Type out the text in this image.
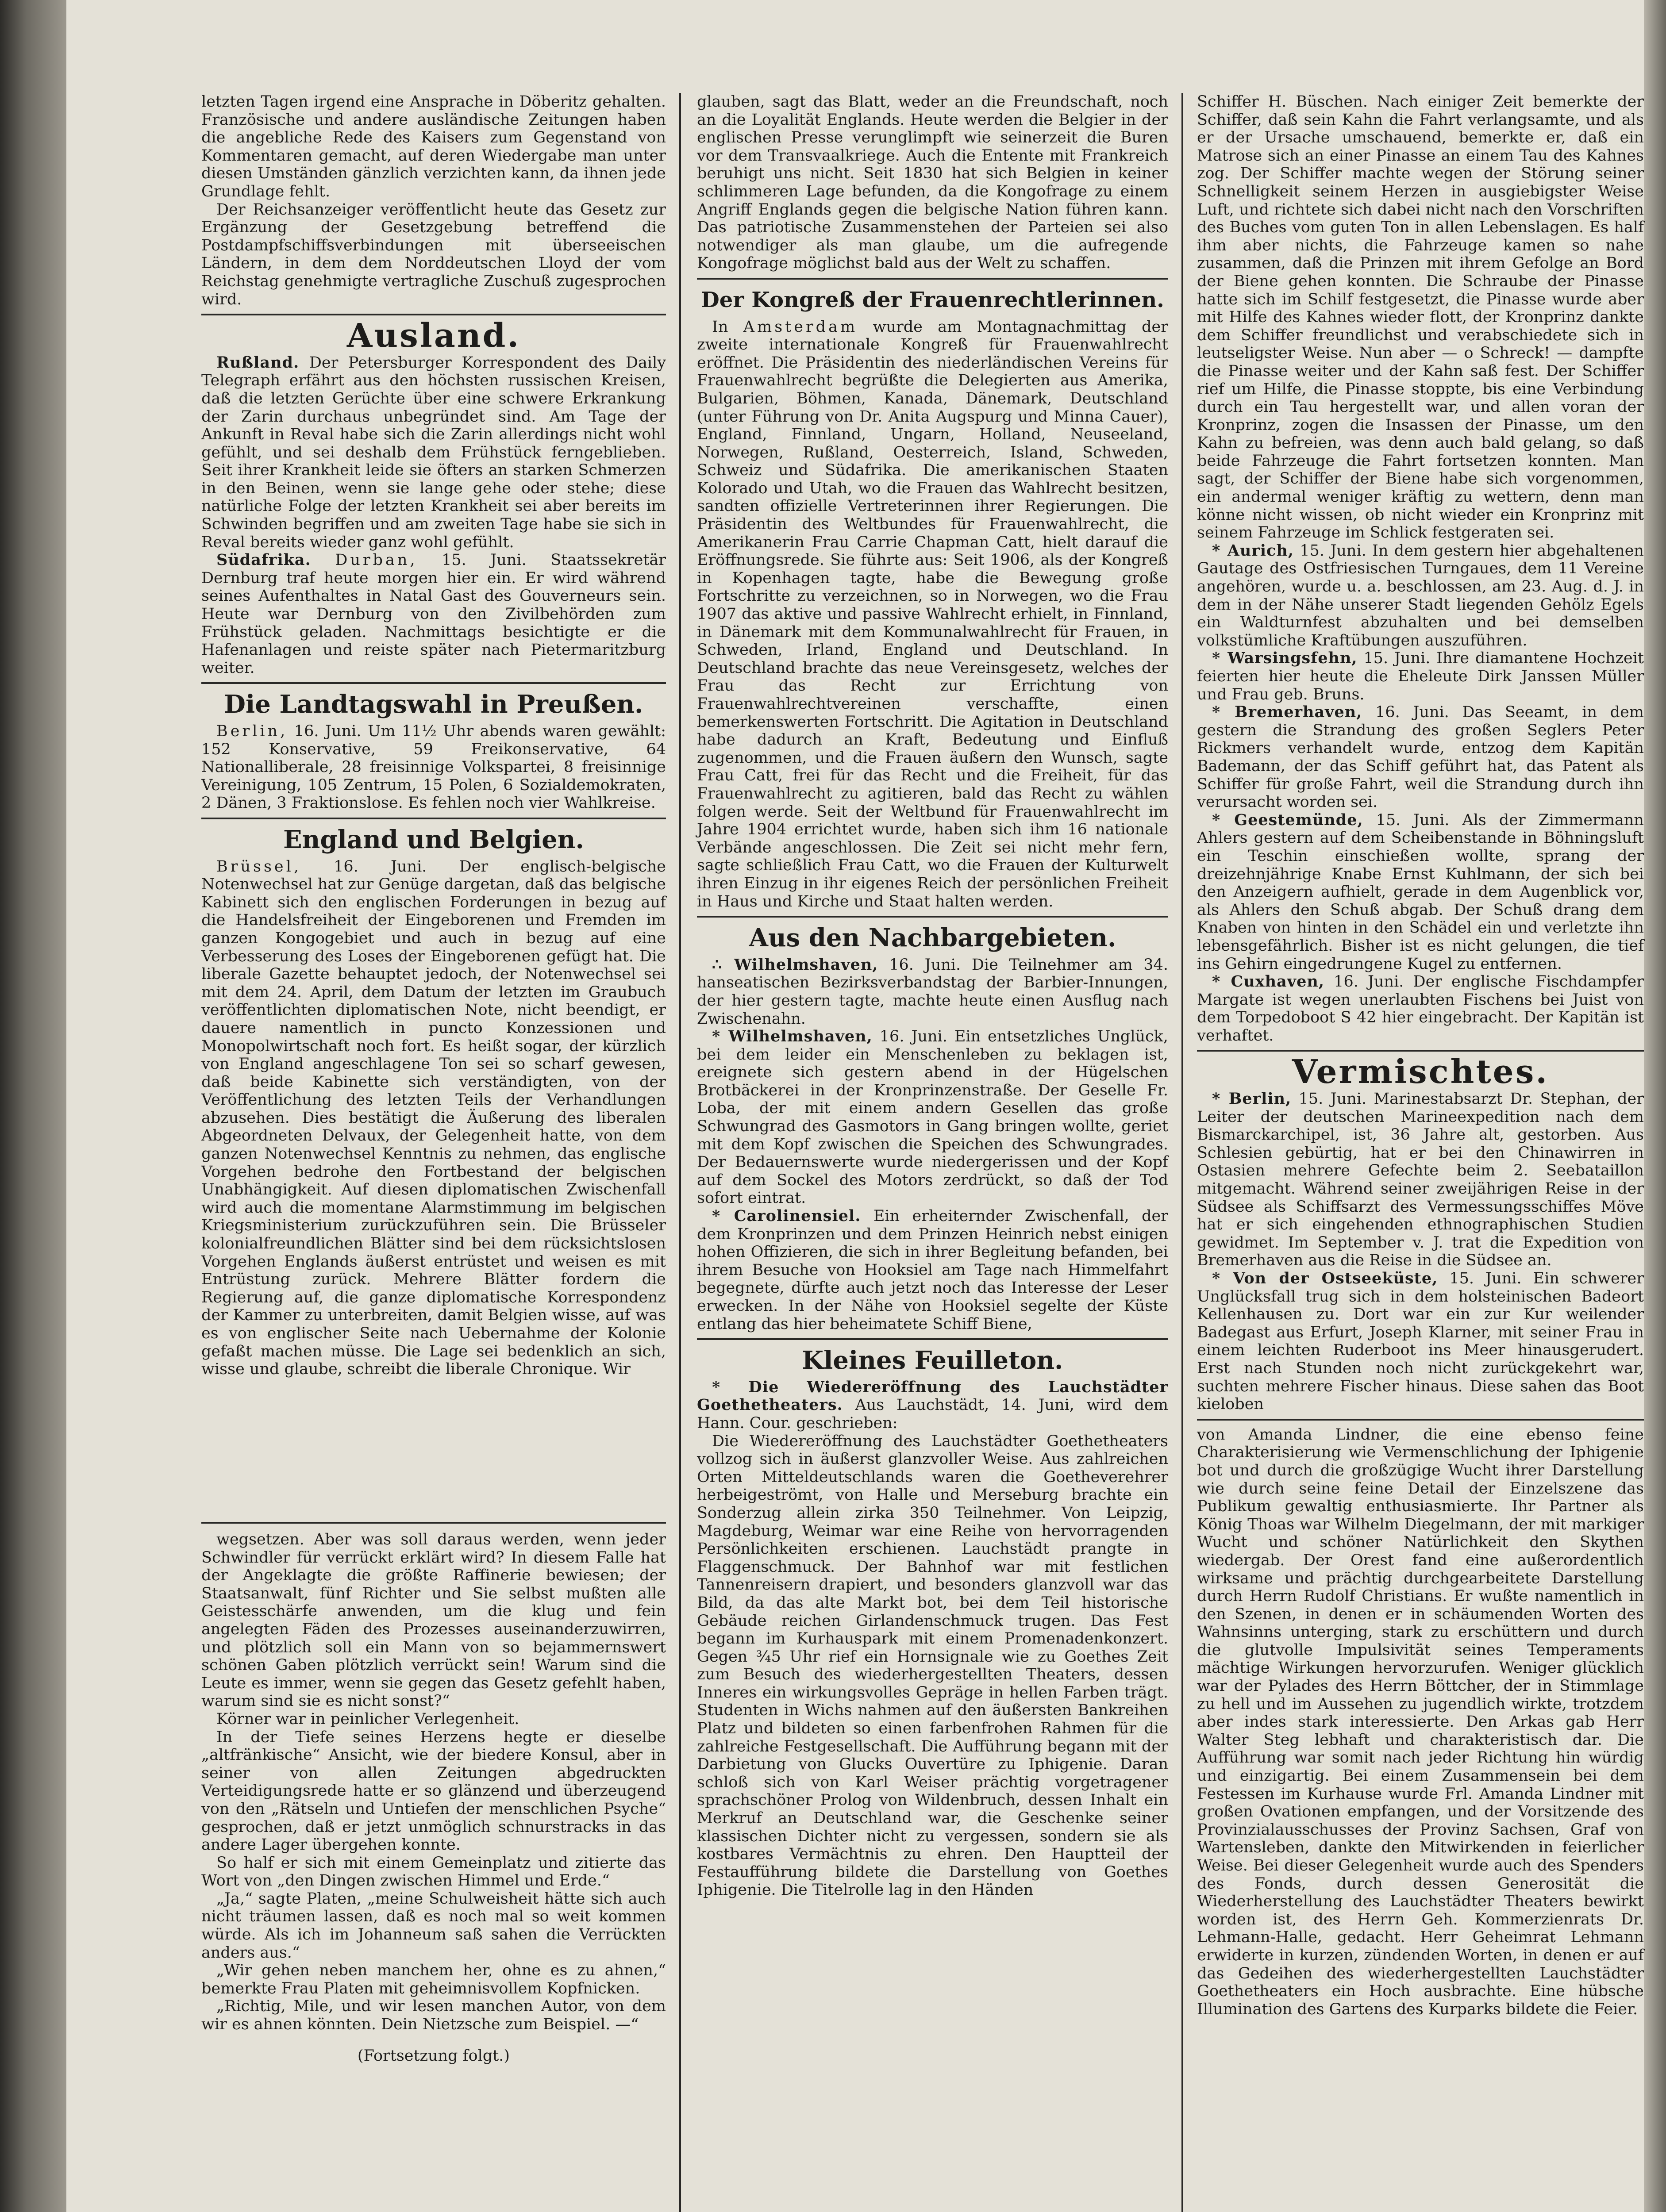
letzten Tagen irgend eine Ansprache in Döberitz gehalten. Französische und andere ausländische Zeitungen haben die angebliche Rede des Kaisers zum Gegenstand von Kommentaren gemacht, auf deren Wiedergabe man unter diesen Umständen gänzlich verzichten kann, da ihnen jede Grundlage fehlt.

Der Reichsanzeiger veröffentlicht heute das Gesetz zur Ergänzung der Gesetzgebung betreffend die Postdampfschiffsverbindungen mit überseeischen Ländern, in dem dem Norddeutschen Lloyd der vom Reichstag genehmigte vertragliche Zuschuß zugesprochen wird.

Ausland.

Rußland. Der Petersburger Korrespondent des Daily Telegraph erfährt aus den höchsten russischen Kreisen, daß die letzten Gerüchte über eine schwere Erkrankung der Zarin durchaus unbegründet sind. Am Tage der Ankunft in Reval habe sich die Zarin allerdings nicht wohl gefühlt, und sei deshalb dem Frühstück ferngeblieben. Seit ihrer Krankheit leide sie öfters an starken Schmerzen in den Beinen, wenn sie lange gehe oder stehe; diese natürliche Folge der letzten Krankheit sei aber bereits im Schwinden begriffen und am zweiten Tage habe sie sich in Reval bereits wieder ganz wohl gefühlt.

Südafrika. Durban, 15. Juni. Staatssekretär Dernburg traf heute morgen hier ein. Er wird während seines Aufenthaltes in Natal Gast des Gouverneurs sein. Heute war Dernburg von den Zivilbehörden zum Frühstück geladen. Nachmittags besichtigte er die Hafenanlagen und reiste später nach Pietermaritzburg weiter.

Die Landtagswahl in Preußen.

Berlin, 16. Juni. Um 11½ Uhr abends waren gewählt: 152 Konservative, 59 Freikonservative, 64 Nationalliberale, 28 freisinnige Volkspartei, 8 freisinnige Vereinigung, 105 Zentrum, 15 Polen, 6 Sozialdemokraten, 2 Dänen, 3 Fraktionslose. Es fehlen noch vier Wahlkreise.

England und Belgien.

Brüssel, 16. Juni. Der englisch-belgische Notenwechsel hat zur Genüge dargetan, daß das belgische Kabinett sich den englischen Forderungen in bezug auf die Handelsfreiheit der Eingeborenen und Fremden im ganzen Kongogebiet und auch in bezug auf eine Verbesserung des Loses der Eingeborenen gefügt hat. Die liberale Gazette behauptet jedoch, der Notenwechsel sei mit dem 24. April, dem Datum der letzten im Graubuch veröffentlichten diplomatischen Note, nicht beendigt, er dauere namentlich in puncto Konzessionen und Monopolwirtschaft noch fort. Es heißt sogar, der kürzlich von England angeschlagene Ton sei so scharf gewesen, daß beide Kabinette sich verständigten, von der Veröffentlichung des letzten Teils der Verhandlungen abzusehen. Dies bestätigt die Äußerung des liberalen Abgeordneten Delvaux, der Gelegenheit hatte, von dem ganzen Notenwechsel Kenntnis zu nehmen, das englische Vorgehen bedrohe den Fortbestand der belgischen Unabhängigkeit. Auf diesen diplomatischen Zwischenfall wird auch die momentane Alarmstimmung im belgischen Kriegsministerium zurückzuführen sein. Die Brüsseler kolonialfreundlichen Blätter sind bei dem rücksichtslosen Vorgehen Englands äußerst entrüstet und weisen es mit Entrüstung zurück. Mehrere Blätter fordern die Regierung auf, die ganze diplomatische Korrespondenz der Kammer zu unterbreiten, damit Belgien wisse, auf was es von englischer Seite nach Uebernahme der Kolonie gefaßt machen müsse. Die Lage sei bedenklich an sich, wisse und glaube, schreibt die liberale Chronique. Wir

glauben, sagt das Blatt, weder an die Freundschaft, noch an die Loyalität Englands. Heute werden die Belgier in der englischen Presse verunglimpft wie seinerzeit die Buren vor dem Transvaalkriege. Auch die Entente mit Frankreich beruhigt uns nicht. Seit 1830 hat sich Belgien in keiner schlimmeren Lage befunden, da die Kongofrage zu einem Angriff Englands gegen die belgische Nation führen kann. Das patriotische Zusammenstehen der Parteien sei also notwendiger als man glaube, um die aufregende Kongofrage möglichst bald aus der Welt zu schaffen.

Der Kongreß der Frauenrechtlerinnen.

In Amsterdam wurde am Montagnachmittag der zweite internationale Kongreß für Frauenwahlrecht eröffnet. Die Präsidentin des niederländischen Vereins für Frauenwahlrecht begrüßte die Delegierten aus Amerika, Bulgarien, Böhmen, Kanada, Dänemark, Deutschland (unter Führung von Dr. Anita Augspurg und Minna Cauer), England, Finnland, Ungarn, Holland, Neuseeland, Norwegen, Rußland, Oesterreich, Island, Schweden, Schweiz und Südafrika. Die amerikanischen Staaten Kolorado und Utah, wo die Frauen das Wahlrecht besitzen, sandten offizielle Vertreterinnen ihrer Regierungen. Die Präsidentin des Weltbundes für Frauenwahlrecht, die Amerikanerin Frau Carrie Chapman Catt, hielt darauf die Eröffnungsrede. Sie führte aus: Seit 1906, als der Kongreß in Kopenhagen tagte, habe die Bewegung große Fortschritte zu verzeichnen, so in Norwegen, wo die Frau 1907 das aktive und passive Wahlrecht erhielt, in Finnland, in Dänemark mit dem Kommunalwahlrecht für Frauen, in Schweden, Irland, England und Deutschland. In Deutschland brachte das neue Vereinsgesetz, welches der Frau das Recht zur Errichtung von Frauenwahlrechtvereinen verschaffte, einen bemerkenswerten Fortschritt. Die Agitation in Deutschland habe dadurch an Kraft, Bedeutung und Einfluß zugenommen, und die Frauen äußern den Wunsch, sagte Frau Catt, frei für das Recht und die Freiheit, für das Frauenwahlrecht zu agitieren, bald das Recht zu wählen folgen werde. Seit der Weltbund für Frauenwahlrecht im Jahre 1904 errichtet wurde, haben sich ihm 16 nationale Verbände angeschlossen. Die Zeit sei nicht mehr fern, sagte schließlich Frau Catt, wo die Frauen der Kulturwelt ihren Einzug in ihr eigenes Reich der persönlichen Freiheit in Haus und Kirche und Staat halten werden.

Aus den Nachbargebieten.

∴ Wilhelmshaven, 16. Juni. Die Teilnehmer am 34. hanseatischen Bezirksverbandstag der Barbier-Innungen, der hier gestern tagte, machte heute einen Ausflug nach Zwischenahn.

* Wilhelmshaven, 16. Juni. Ein entsetzliches Unglück, bei dem leider ein Menschenleben zu beklagen ist, ereignete sich gestern abend in der Hügelschen Brotbäckerei in der Kronprinzenstraße. Der Geselle Fr. Loba, der mit einem andern Gesellen das große Schwungrad des Gasmotors in Gang bringen wollte, geriet mit dem Kopf zwischen die Speichen des Schwungrades. Der Bedauernswerte wurde niedergerissen und der Kopf auf dem Sockel des Motors zerdrückt, so daß der Tod sofort eintrat.

* Carolinensiel. Ein erheiternder Zwischenfall, der dem Kronprinzen und dem Prinzen Heinrich nebst einigen hohen Offizieren, die sich in ihrer Begleitung befanden, bei ihrem Besuche von Hooksiel am Tage nach Himmelfahrt begegnete, dürfte auch jetzt noch das Interesse der Leser erwecken. In der Nähe von Hooksiel segelte der Küste entlang das hier beheimatete Schiff Biene,

Kleines Feuilleton.

* Die Wiedereröffnung des Lauchstädter Goethetheaters. Aus Lauchstädt, 14. Juni, wird dem Hann. Cour. geschrieben:

Die Wiedereröffnung des Lauchstädter Goethetheaters vollzog sich in äußerst glanzvoller Weise. Aus zahlreichen Orten Mitteldeutschlands waren die Goetheverehrer herbeigeströmt, von Halle und Merseburg brachte ein Sonderzug allein zirka 350 Teilnehmer. Von Leipzig, Magdeburg, Weimar war eine Reihe von hervorragenden Persönlichkeiten erschienen. Lauchstädt prangte in Flaggenschmuck. Der Bahnhof war mit festlichen Tannenreisern drapiert, und besonders glanzvoll war das Bild, da das alte Markt bot, bei dem Teil historische Gebäude reichen Girlandenschmuck trugen. Das Fest begann im Kurhauspark mit einem Promenadenkonzert. Gegen ¾5 Uhr rief ein Hornsignale wie zu Goethes Zeit zum Besuch des wiederhergestellten Theaters, dessen Inneres ein wirkungsvolles Gepräge in hellen Farben trägt. Studenten in Wichs nahmen auf den äußersten Bankreihen Platz und bildeten so einen farbenfrohen Rahmen für die zahlreiche Festgesellschaft. Die Aufführung begann mit der Darbietung von Glucks Ouvertüre zu Iphigenie. Daran schloß sich von Karl Weiser prächtig vorgetragener sprachschöner Prolog von Wildenbruch, dessen Inhalt ein Merkruf an Deutschland war, die Geschenke seiner klassischen Dichter nicht zu vergessen, sondern sie als kostbares Vermächtnis zu ehren. Den Hauptteil der Festaufführung bildete die Darstellung von Goethes Iphigenie. Die Titelrolle lag in den Händen

Schiffer H. Büschen. Nach einiger Zeit bemerkte der Schiffer, daß sein Kahn die Fahrt verlangsamte, und als er der Ursache umschauend, bemerkte er, daß ein Matrose sich an einer Pinasse an einem Tau des Kahnes zog. Der Schiffer machte wegen der Störung seiner Schnelligkeit seinem Herzen in ausgiebigster Weise Luft, und richtete sich dabei nicht nach den Vorschriften des Buches vom guten Ton in allen Lebenslagen. Es half ihm aber nichts, die Fahrzeuge kamen so nahe zusammen, daß die Prinzen mit ihrem Gefolge an Bord der Biene gehen konnten. Die Schraube der Pinasse hatte sich im Schilf festgesetzt, die Pinasse wurde aber mit Hilfe des Kahnes wieder flott, der Kronprinz dankte dem Schiffer freundlichst und verabschiedete sich in leutseligster Weise. Nun aber — o Schreck! — dampfte die Pinasse weiter und der Kahn saß fest. Der Schiffer rief um Hilfe, die Pinasse stoppte, bis eine Verbindung durch ein Tau hergestellt war, und allen voran der Kronprinz, zogen die Insassen der Pinasse, um den Kahn zu befreien, was denn auch bald gelang, so daß beide Fahrzeuge die Fahrt fortsetzen konnten. Man sagt, der Schiffer der Biene habe sich vorgenommen, ein andermal weniger kräftig zu wettern, denn man könne nicht wissen, ob nicht wieder ein Kronprinz mit seinem Fahrzeuge im Schlick festgeraten sei.

* Aurich, 15. Juni. In dem gestern hier abgehaltenen Gautage des Ostfriesischen Turngaues, dem 11 Vereine angehören, wurde u. a. beschlossen, am 23. Aug. d. J. in dem in der Nähe unserer Stadt liegenden Gehölz Egels ein Waldturnfest abzuhalten und bei demselben volkstümliche Kraftübungen auszuführen.

* Warsingsfehn, 15. Juni. Ihre diamantene Hochzeit feierten hier heute die Eheleute Dirk Janssen Müller und Frau geb. Bruns.

* Bremerhaven, 16. Juni. Das Seeamt, in dem gestern die Strandung des großen Seglers Peter Rickmers verhandelt wurde, entzog dem Kapitän Bademann, der das Schiff geführt hat, das Patent als Schiffer für große Fahrt, weil die Strandung durch ihn verursacht worden sei.

* Geestemünde, 15. Juni. Als der Zimmermann Ahlers gestern auf dem Scheibenstande in Böhningsluft ein Teschin einschießen wollte, sprang der dreizehnjährige Knabe Ernst Kuhlmann, der sich bei den Anzeigern aufhielt, gerade in dem Augenblick vor, als Ahlers den Schuß abgab. Der Schuß drang dem Knaben von hinten in den Schädel ein und verletzte ihn lebensgefährlich. Bisher ist es nicht gelungen, die tief ins Gehirn eingedrungene Kugel zu entfernen.

* Cuxhaven, 16. Juni. Der englische Fischdampfer Margate ist wegen unerlaubten Fischens bei Juist von dem Torpedoboot S 42 hier eingebracht. Der Kapitän ist verhaftet.

Vermischtes.

* Berlin, 15. Juni. Marinestabsarzt Dr. Stephan, der Leiter der deutschen Marineexpedition nach dem Bismarckarchipel, ist, 36 Jahre alt, gestorben. Aus Schlesien gebürtig, hat er bei den Chinawirren in Ostasien mehrere Gefechte beim 2. Seebataillon mitgemacht. Während seiner zweijährigen Reise in der Südsee als Schiffsarzt des Vermessungsschiffes Möve hat er sich eingehenden ethnographischen Studien gewidmet. Im September v. J. trat die Expedition von Bremerhaven aus die Reise in die Südsee an.

* Von der Ostseeküste, 15. Juni. Ein schwerer Unglücksfall trug sich in dem holsteinischen Badeort Kellenhausen zu. Dort war ein zur Kur weilender Badegast aus Erfurt, Joseph Klarner, mit seiner Frau in einem leichten Ruderboot ins Meer hinausgerudert. Erst nach Stunden noch nicht zurückgekehrt war, suchten mehrere Fischer hinaus. Diese sahen das Boot kieloben

von Amanda Lindner, die eine ebenso feine Charakterisierung wie Vermenschlichung der Iphigenie bot und durch die großzügige Wucht ihrer Darstellung wie durch seine feine Detail der Einzelszene das Publikum gewaltig enthusiasmierte. Ihr Partner als König Thoas war Wilhelm Diegelmann, der mit markiger Wucht und schöner Natürlichkeit den Skythen wiedergab. Der Orest fand eine außerordentlich wirksame und prächtig durchgearbeitete Darstellung durch Herrn Rudolf Christians. Er wußte namentlich in den Szenen, in denen er in schäumenden Worten des Wahnsinns unterging, stark zu erschüttern und durch die glutvolle Impulsivität seines Temperaments mächtige Wirkungen hervorzurufen. Weniger glücklich war der Pylades des Herrn Böttcher, der in Stimmlage zu hell und im Aussehen zu jugendlich wirkte, trotzdem aber indes stark interessierte. Den Arkas gab Herr Walter Steg lebhaft und charakteristisch dar. Die Aufführung war somit nach jeder Richtung hin würdig und einzigartig. Bei einem Zusammensein bei dem Festessen im Kurhause wurde Frl. Amanda Lindner mit großen Ovationen empfangen, und der Vorsitzende des Provinzialausschusses der Provinz Sachsen, Graf von Wartensleben, dankte den Mitwirkenden in feierlicher Weise. Bei dieser Gelegenheit wurde auch des Spenders des Fonds, durch dessen Generosität die Wiederherstellung des Lauchstädter Theaters bewirkt worden ist, des Herrn Geh. Kommerzienrats Dr. Lehmann-Halle, gedacht. Herr Geheimrat Lehmann erwiderte in kurzen, zündenden Worten, in denen er auf das Gedeihen des wiederhergestellten Lauchstädter Goethetheaters ein Hoch ausbrachte. Eine hübsche Illumination des Gartens des Kurparks bildete die Feier.

wegsetzen. Aber was soll daraus werden, wenn jeder Schwindler für verrückt erklärt wird? In diesem Falle hat der Angeklagte die größte Raffinerie bewiesen; der Staatsanwalt, fünf Richter und Sie selbst mußten alle Geistesschärfe anwenden, um die klug und fein angelegten Fäden des Prozesses auseinanderzuwirren, und plötzlich soll ein Mann von so bejammernswert schönen Gaben plötzlich verrückt sein! Warum sind die Leute es immer, wenn sie gegen das Gesetz gefehlt haben, warum sind sie es nicht sonst?“

Körner war in peinlicher Verlegenheit.

In der Tiefe seines Herzens hegte er dieselbe „altfränkische“ Ansicht, wie der biedere Konsul, aber in seiner von allen Zeitungen abgedruckten Verteidigungsrede hatte er so glänzend und überzeugend von den „Rätseln und Untiefen der menschlichen Psyche“ gesprochen, daß er jetzt unmöglich schnurstracks in das andere Lager übergehen konnte.

So half er sich mit einem Gemeinplatz und zitierte das Wort von „den Dingen zwischen Himmel und Erde.“

„Ja,“ sagte Platen, „meine Schulweisheit hätte sich auch nicht träumen lassen, daß es noch mal so weit kommen würde. Als ich im Johanneum saß sahen die Verrückten anders aus.“

„Wir gehen neben manchem her, ohne es zu ahnen,“ bemerkte Frau Platen mit geheimnisvollem Kopfnicken.

„Richtig, Mile, und wir lesen manchen Autor, von dem wir es ahnen könnten. Dein Nietzsche zum Beispiel. —“

(Fortsetzung folgt.)
